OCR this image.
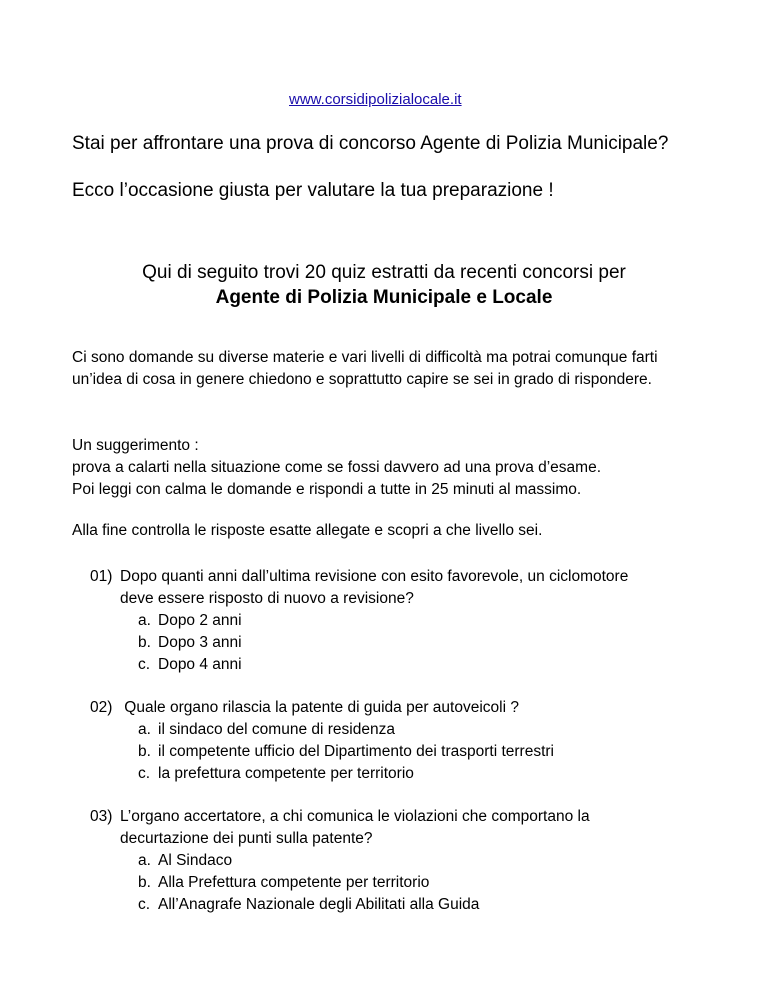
www.corsidipolizialocale.it
Stai per affrontare una prova di concorso Agente di Polizia Municipale?
Ecco l’occasione giusta per valutare la tua preparazione !
Qui di seguito trovi 20 quiz estratti da recenti concorsi per
Agente di Polizia Municipale e Locale
Ci sono domande su diverse materie e vari livelli di difficoltà ma potrai comunque farti
un’idea di cosa in genere chiedono e soprattutto capire se sei in grado di rispondere.
Un suggerimento :
prova a calarti nella situazione come se fossi davvero ad una prova d’esame.
Poi leggi con calma le domande e rispondi a tutte in 25 minuti al massimo.
Alla fine controlla le risposte esatte allegate e scopri a che livello sei.
01) Dopo quanti anni dall’ultima revisione con esito favorevole, un ciclomotore
deve essere risposto di nuovo a revisione?
a. Dopo 2 anni
b. Dopo 3 anni
c. Dopo 4 anni
02) Quale organo rilascia la patente di guida per autoveicoli ?
a. il sindaco del comune di residenza
b. il competente ufficio del Dipartimento dei trasporti terrestri
c. la prefettura competente per territorio
03) L’organo accertatore, a chi comunica le violazioni che comportano la
decurtazione dei punti sulla patente?
a. Al Sindaco
b. Alla Prefettura competente per territorio
c. All’Anagrafe Nazionale degli Abilitati alla Guida
